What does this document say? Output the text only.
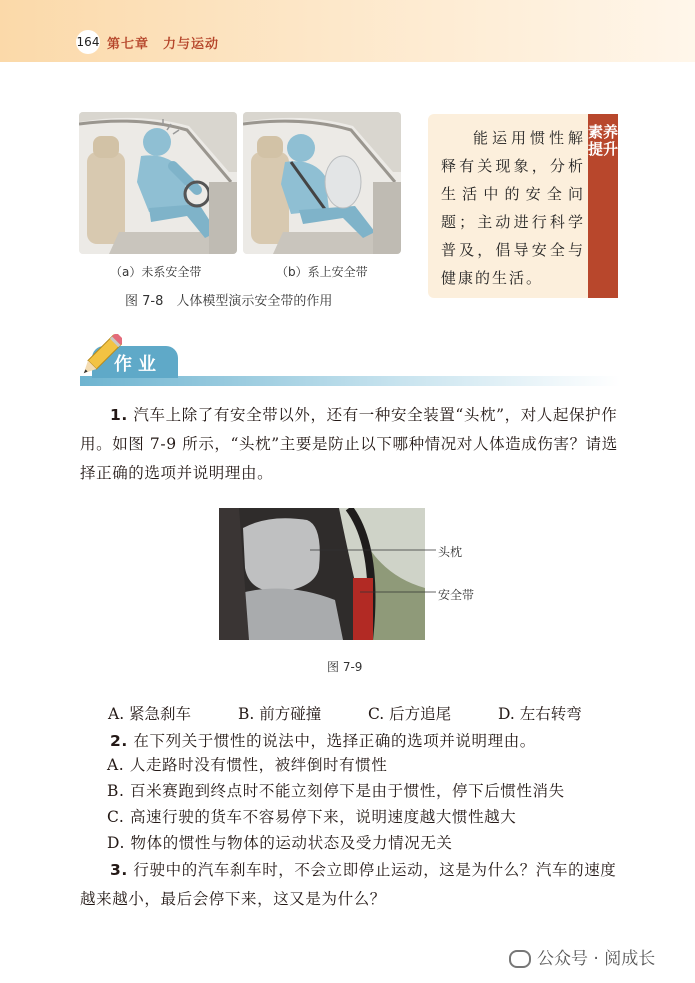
164 第七章　力与运动
（a）未系安全带	（b）系上安全带
图 7-8　人体模型演示安全带的作用
能运用惯性解释有关现象，分析生活中的安全问题；主动进行科学普及，倡导安全与健康的生活。
素养提升
作业
1. 汽车上除了有安全带以外，还有一种安全装置“头枕”，对人起保护作用。如图 7-9 所示，“头枕”主要是防止以下哪种情况对人体造成伤害？请选择正确的选项并说明理由。
头枕
安全带
图 7-9
A. 紧急刹车	B. 前方碰撞	C. 后方追尾	D. 左右转弯
2. 在下列关于惯性的说法中，选择正确的选项并说明理由。
A. 人走路时没有惯性，被绊倒时有惯性
B. 百米赛跑到终点时不能立刻停下是由于惯性，停下后惯性消失
C. 高速行驶的货车不容易停下来，说明速度越大惯性越大
D. 物体的惯性与物体的运动状态及受力情况无关
3. 行驶中的汽车刹车时，不会立即停止运动，这是为什么？汽车的速度越来越小，最后会停下来，这又是为什么？
公众号 · 阅成长
